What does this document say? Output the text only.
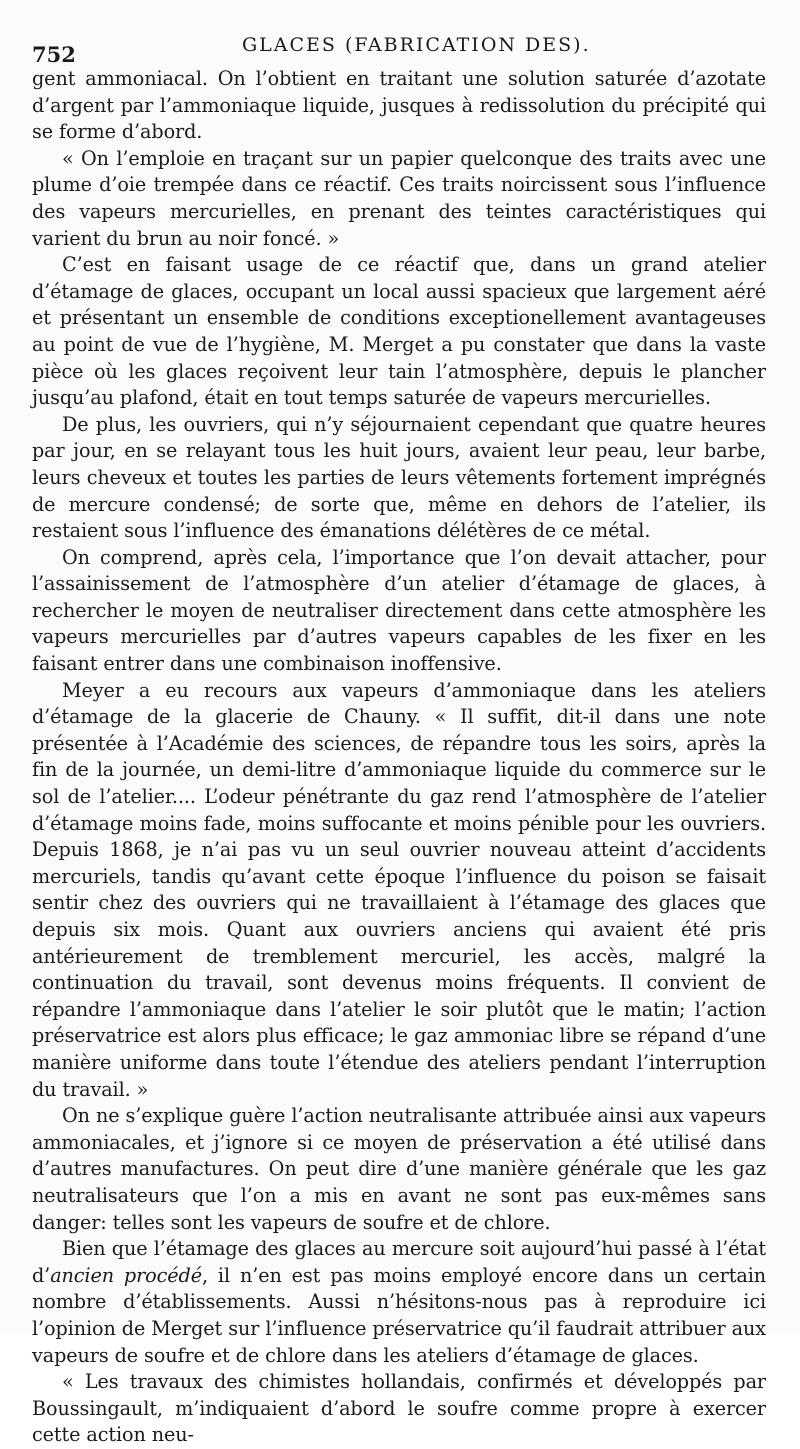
752	GLACES (FABRICATION DES).

gent ammoniacal. On l’obtient en traitant une solution saturée d’azotate d’argent par l’ammoniaque liquide, jusques à redissolution du précipité qui se forme d’abord.

« On l’emploie en traçant sur un papier quelconque des traits avec une plume d’oie trempée dans ce réactif. Ces traits noircissent sous l’influence des vapeurs mercurielles, en prenant des teintes caractéristiques qui varient du brun au noir foncé. »

C’est en faisant usage de ce réactif que, dans un grand atelier d’étamage de glaces, occupant un local aussi spacieux que largement aéré et présentant un ensemble de conditions exceptionellement avantageuses au point de vue de l’hygiène, M. Merget a pu constater que dans la vaste pièce où les glaces reçoivent leur tain l’atmosphère, depuis le plancher jusqu’au plafond, était en tout temps saturée de vapeurs mercurielles.

De plus, les ouvriers, qui n’y séjournaient cependant que quatre heures par jour, en se relayant tous les huit jours, avaient leur peau, leur barbe, leurs cheveux et toutes les parties de leurs vêtements fortement imprégnés de mercure condensé; de sorte que, même en dehors de l’atelier, ils restaient sous l’influence des émanations délétères de ce métal.

On comprend, après cela, l’importance que l’on devait attacher, pour l’assainissement de l’atmosphère d’un atelier d’étamage de glaces, à rechercher le moyen de neutraliser directement dans cette atmosphère les vapeurs mercurielles par d’autres vapeurs capables de les fixer en les faisant entrer dans une combinaison inoffensive.

Meyer a eu recours aux vapeurs d’ammoniaque dans les ateliers d’étamage de la glacerie de Chauny. « Il suffit, dit-il dans une note présentée à l’Académie des sciences, de répandre tous les soirs, après la fin de la journée, un demi-litre d’ammoniaque liquide du commerce sur le sol de l’atelier.... L’odeur pénétrante du gaz rend l’atmosphère de l’atelier d’étamage moins fade, moins suffocante et moins pénible pour les ouvriers. Depuis 1868, je n’ai pas vu un seul ouvrier nouveau atteint d’accidents mercuriels, tandis qu’avant cette époque l’influence du poison se faisait sentir chez des ouvriers qui ne travaillaient à l’étamage des glaces que depuis six mois. Quant aux ouvriers anciens qui avaient été pris antérieurement de tremblement mercuriel, les accès, malgré la continuation du travail, sont devenus moins fréquents. Il convient de répandre l’ammoniaque dans l’atelier le soir plutôt que le matin; l’action préservatrice est alors plus efficace; le gaz ammoniac libre se répand d’une manière uniforme dans toute l’étendue des ateliers pendant l’interruption du travail. »

On ne s’explique guère l’action neutralisante attribuée ainsi aux vapeurs ammoniacales, et j’ignore si ce moyen de préservation a été utilisé dans d’autres manufactures. On peut dire d’une manière générale que les gaz neutralisateurs que l’on a mis en avant ne sont pas eux-mêmes sans danger: telles sont les vapeurs de soufre et de chlore.

Bien que l’étamage des glaces au mercure soit aujourd’hui passé à l’état d’ancien procédé, il n’en est pas moins employé encore dans un certain nombre d’établissements. Aussi n’hésitons-nous pas à reproduire ici l’opinion de Merget sur l’influence préservatrice qu’il faudrait attribuer aux vapeurs de soufre et de chlore dans les ateliers d’étamage de glaces.

« Les travaux des chimistes hollandais, confirmés et développés par Boussingault, m’indiquaient d’abord le soufre comme propre à exercer cette action neu-
